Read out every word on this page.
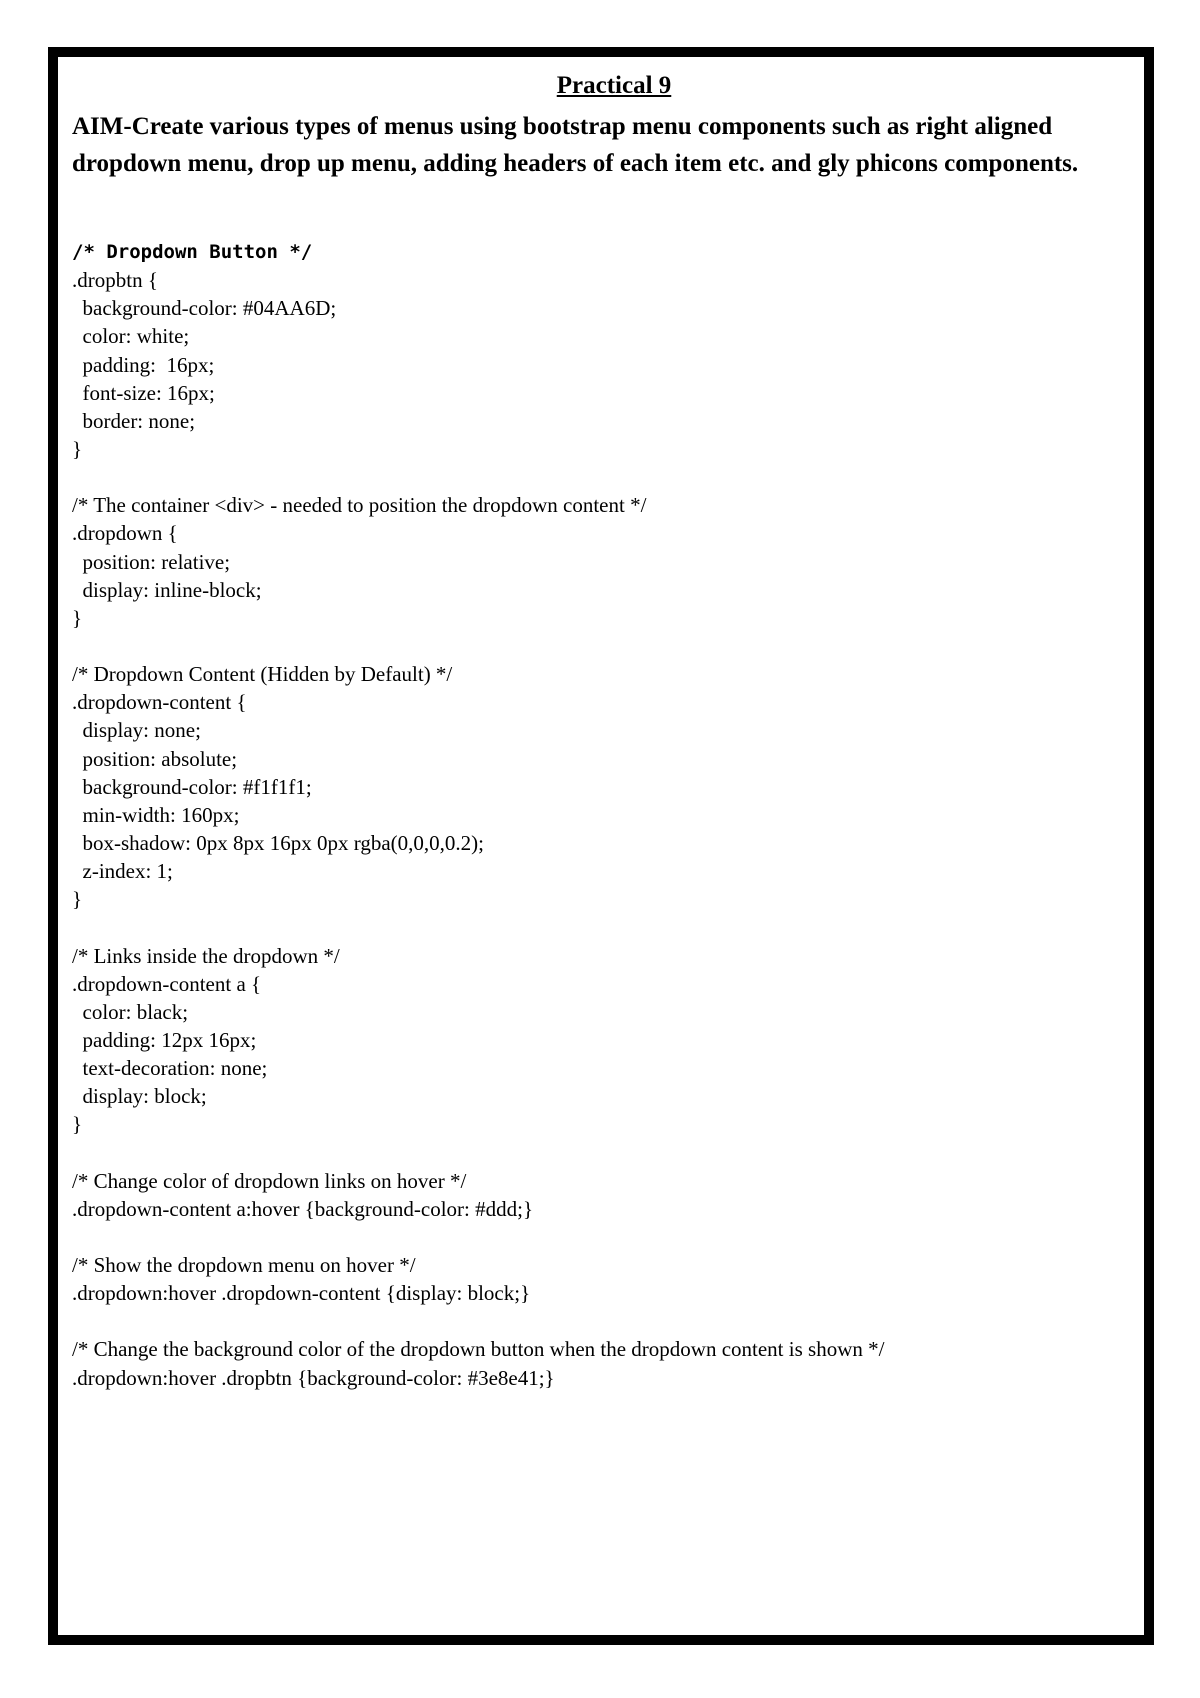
Practical 9
AIM-Create various types of menus using bootstrap menu components such as right aligned dropdown menu, drop up menu, adding headers of each item etc. and gly phicons components.
/* Dropdown Button */
.dropbtn {
background-color: #04AA6D;
color: white;
padding:  16px;
font-size: 16px;
border: none;
}
/* The container <div> - needed to position the dropdown content */
.dropdown {
position: relative;
display: inline-block;
}
/* Dropdown Content (Hidden by Default) */
.dropdown-content {
display: none;
position: absolute;
background-color: #f1f1f1;
min-width: 160px;
box-shadow: 0px 8px 16px 0px rgba(0,0,0,0.2);
z-index: 1;
}
/* Links inside the dropdown */
.dropdown-content a {
color: black;
padding: 12px 16px;
text-decoration: none;
display: block;
}
/* Change color of dropdown links on hover */
.dropdown-content a:hover {background-color: #ddd;}
/* Show the dropdown menu on hover */
.dropdown:hover .dropdown-content {display: block;}
/* Change the background color of the dropdown button when the dropdown content is shown */
.dropdown:hover .dropbtn {background-color: #3e8e41;}
